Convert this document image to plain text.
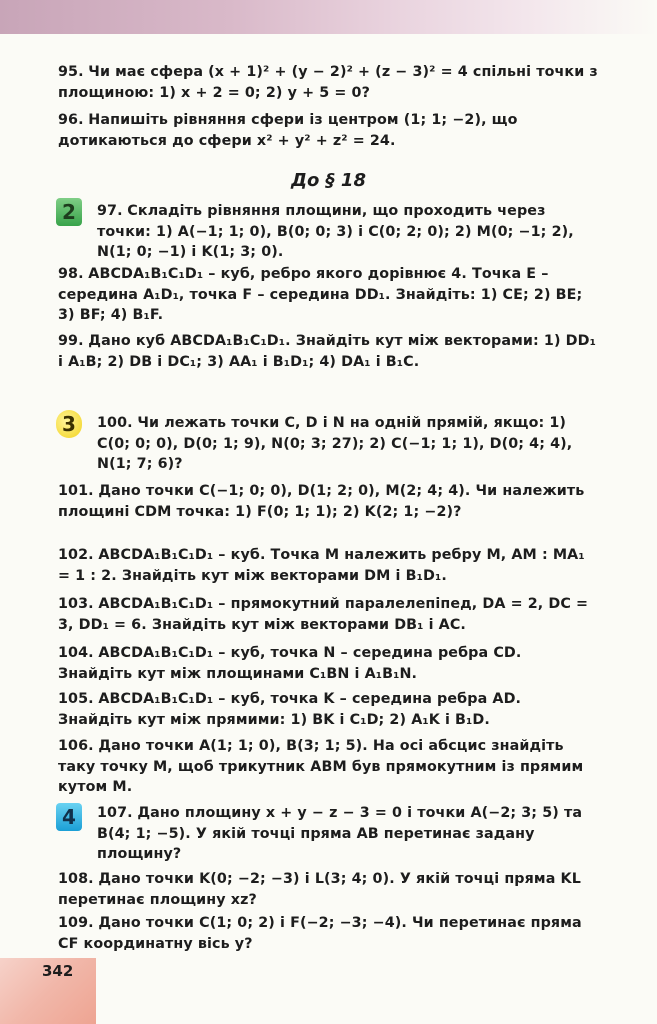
95. Чи має сфера (x + 1)² + (y − 2)² + (z − 3)² = 4 спільні точки з площиною: 1) x + 2 = 0; 2) y + 5 = 0?
96. Напишіть рівняння сфери із центром (1; 1; −2), що дотикаються до сфери x² + y² + z² = 24.
До § 18
2	97. Складіть рівняння площини, що проходить через точки: 1) A(−1; 1; 0), B(0; 0; 3) і C(0; 2; 0); 2) M(0; −1; 2), N(1; 0; −1) і K(1; 3; 0).
98. ABCDA₁B₁C₁D₁ – куб, ребро якого дорівнює 4. Точка E – середина A₁D₁, точка F – середина DD₁. Знайдіть: 1) CE; 2) BE; 3) BF; 4) B₁F.
99. Дано куб ABCDA₁B₁C₁D₁. Знайдіть кут між векторами: 1) DD₁ і A₁B; 2) DB і DC₁; 3) AA₁ і B₁D₁; 4) DA₁ і B₁C.
3	100. Чи лежать точки C, D і N на одній прямій, якщо: 1) C(0; 0; 0), D(0; 1; 9), N(0; 3; 27); 2) C(−1; 1; 1), D(0; 4; 4), N(1; 7; 6)?
101. Дано точки C(−1; 0; 0), D(1; 2; 0), M(2; 4; 4). Чи належить площині CDM точка: 1) F(0; 1; 1); 2) K(2; 1; −2)?
102. ABCDA₁B₁C₁D₁ – куб. Точка M належить ребру M, AM : MA₁ = 1 : 2. Знайдіть кут між векторами DM і B₁D₁.
103. ABCDA₁B₁C₁D₁ – прямокутний паралелепіпед, DA = 2, DC = 3, DD₁ = 6. Знайдіть кут між векторами DB₁ і AC.
104. ABCDA₁B₁C₁D₁ – куб, точка N – середина ребра CD. Знайдіть кут між площинами C₁BN і A₁B₁N.
105. ABCDA₁B₁C₁D₁ – куб, точка K – середина ребра AD. Знайдіть кут між прямими: 1) BK і C₁D; 2) A₁K і B₁D.
106. Дано точки A(1; 1; 0), B(3; 1; 5). На осі абсцис знайдіть таку точку M, щоб трикутник ABM був прямокутним із прямим кутом M.
4	107. Дано площину x + y − z − 3 = 0 і точки A(−2; 3; 5) та B(4; 1; −5). У якій точці пряма AB перетинає задану площину?
108. Дано точки K(0; −2; −3) і L(3; 4; 0). У якій точці пряма KL перетинає площину xz?
109. Дано точки C(1; 0; 2) і F(−2; −3; −4). Чи перетинає пряма CF координатну вісь y?
342
